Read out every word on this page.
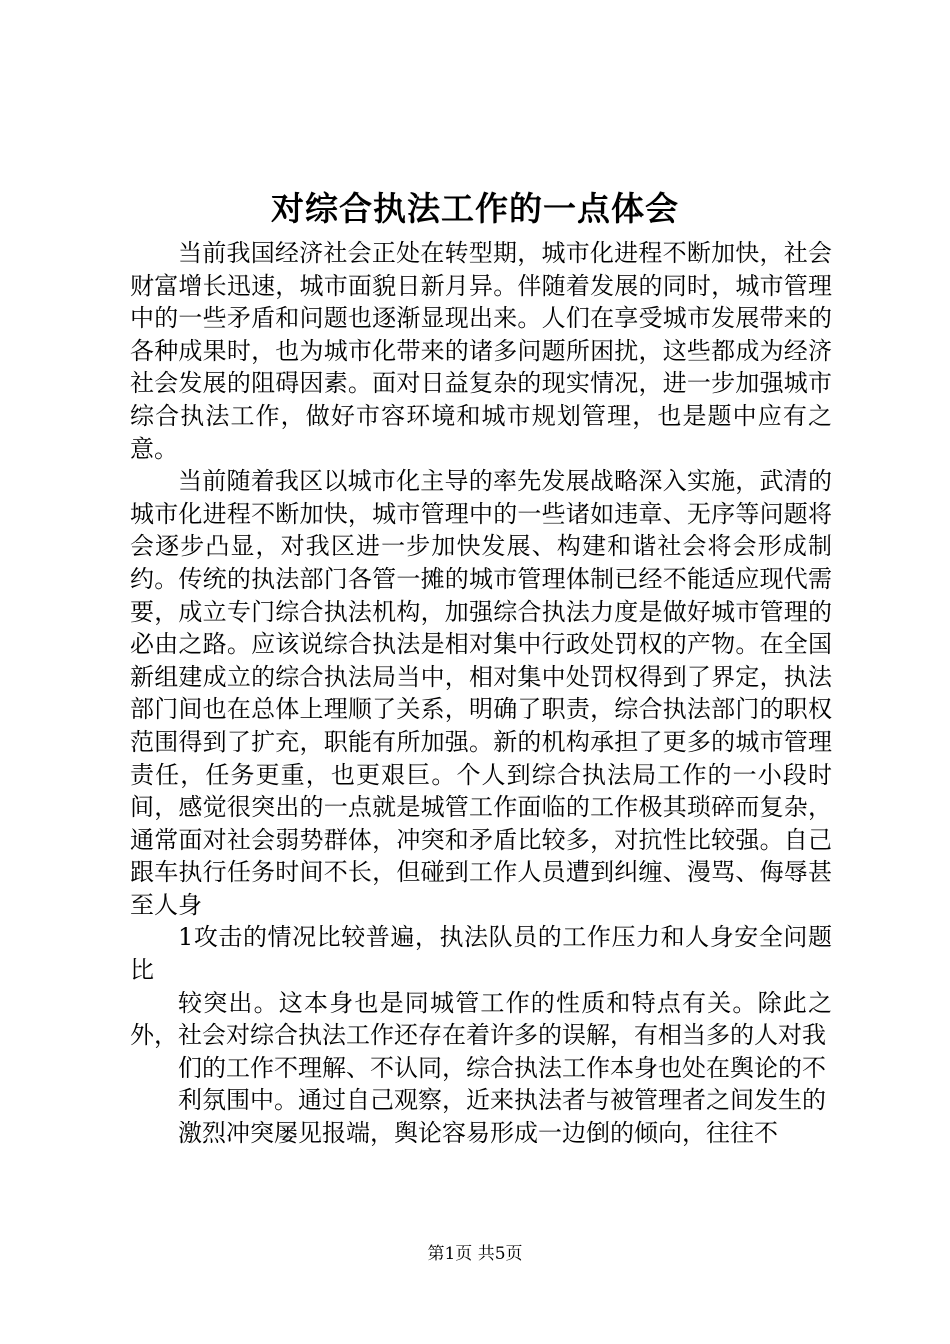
对综合执法工作的一点体会

当前我国经济社会正处在转型期，城市化进程不断加快，社会财富增长迅速，城市面貌日新月异。伴随着发展的同时，城市管理中的一些矛盾和问题也逐渐显现出来。人们在享受城市发展带来的各种成果时，也为城市化带来的诸多问题所困扰，这些都成为经济社会发展的阻碍因素。面对日益复杂的现实情况，进一步加强城市综合执法工作，做好市容环境和城市规划管理，也是题中应有之意。

当前随着我区以城市化主导的率先发展战略深入实施，武清的城市化进程不断加快，城市管理中的一些诸如违章、无序等问题将会逐步凸显，对我区进一步加快发展、构建和谐社会将会形成制约。传统的执法部门各管一摊的城市管理体制已经不能适应现代需要，成立专门综合执法机构，加强综合执法力度是做好城市管理的必由之路。应该说综合执法是相对集中行政处罚权的产物。在全国新组建成立的综合执法局当中，相对集中处罚权得到了界定，执法部门间也在总体上理顺了关系，明确了职责，综合执法部门的职权范围得到了扩充，职能有所加强。新的机构承担了更多的城市管理责任，任务更重，也更艰巨。个人到综合执法局工作的一小段时间，感觉很突出的一点就是城管工作面临的工作极其琐碎而复杂，通常面对社会弱势群体，冲突和矛盾比较多，对抗性比较强。自己跟车执行任务时间不长，但碰到工作人员遭到纠缠、漫骂、侮辱甚至人身

1攻击的情况比较普遍，执法队员的工作压力和人身安全问题比

较突出。这本身也是同城管工作的性质和特点有关。除此之外，社会对综合执法工作还存在着许多的误解，有相当多的人对我

们的工作不理解、不认同，综合执法工作本身也处在舆论的不

利氛围中。通过自己观察，近来执法者与被管理者之间发生的

激烈冲突屡见报端，舆论容易形成一边倒的倾向，往往不

第1页 共5页
